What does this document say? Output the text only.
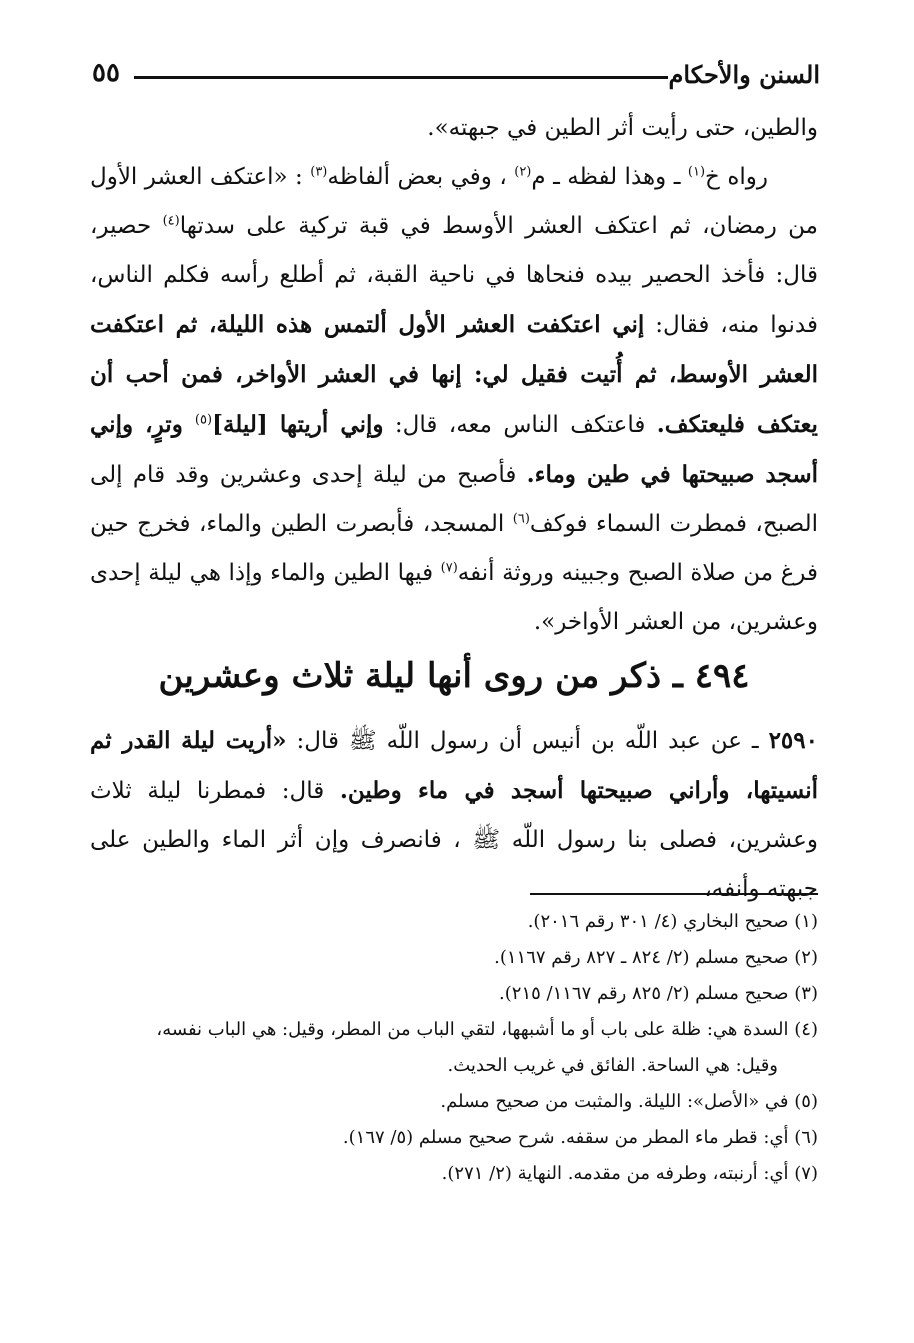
السنن والأحكام
٥٥

والطين، حتى رأيت أثر الطين في جبهته».

رواه خ$^{(١)}$ ـ وهذا لفظه ـ م$^{(٢)}$ ، وفي بعض ألفاظه$^{(٣)}$ : «اعتكف العشر الأول من رمضان، ثم اعتكف العشر الأوسط في قبة تركية على سدتها$^{(٤)}$ حصير، قال: فأخذ الحصير بيده فنحاها في ناحية القبة، ثم أطلع رأسه فكلم الناس، فدنوا منه، فقال: إني اعتكفت العشر الأول ألتمس هذه الليلة، ثم اعتكفت العشر الأوسط، ثم أُتيت فقيل لي: إنها في العشر الأواخر، فمن أحب أن يعتكف فليعتكف. فاعتكف الناس معه، قال: وإني أريتها [ليلة]$^{(٥)}$ وترٍ، وإني أسجد صبيحتها في طين وماء. فأصبح من ليلة إحدى وعشرين وقد قام إلى الصبح، فمطرت السماء فوكف$^{(٦)}$ المسجد، فأبصرت الطين والماء، فخرج حين فرغ من صلاة الصبح وجبينه وروثة أنفه$^{(٧)}$ فيها الطين والماء وإذا هي ليلة إحدى وعشرين، من العشر الأواخر».

٤٩٤ ـ ذكر من روى أنها ليلة ثلاث وعشرين

٢٥٩٠ ـ عن عبد اللّه بن أنيس أن رسول اللّه ﷺ قال: «أريت ليلة القدر ثم أنسيتها، وأراني صبيحتها أسجد في ماء وطين. قال: فمطرنا ليلة ثلاث وعشرين، فصلى بنا رسول اللّه ﷺ ، فانصرف وإن أثر الماء والطين على جبهته وأنفه،

(١) صحيح البخاري (٤/ ٣٠١ رقم ٢٠١٦).

(٢) صحيح مسلم (٢/ ٨٢٤ ـ ٨٢٧ رقم ١١٦٧).

(٣) صحيح مسلم (٢/ ٨٢٥ رقم ١١٦٧/ ٢١٥).

(٤) السدة هي: ظلة على باب أو ما أشبهها، لتقي الباب من المطر، وقيل: هي الباب نفسه،
وقيل: هي الساحة. الفائق في غريب الحديث.

(٥) في «الأصل»: الليلة. والمثبت من صحيح مسلم.

(٦) أي: قطر ماء المطر من سقفه. شرح صحيح مسلم (٥/ ١٦٧).

(٧) أي: أرنبته، وطرفه من مقدمه. النهاية (٢/ ٢٧١).
